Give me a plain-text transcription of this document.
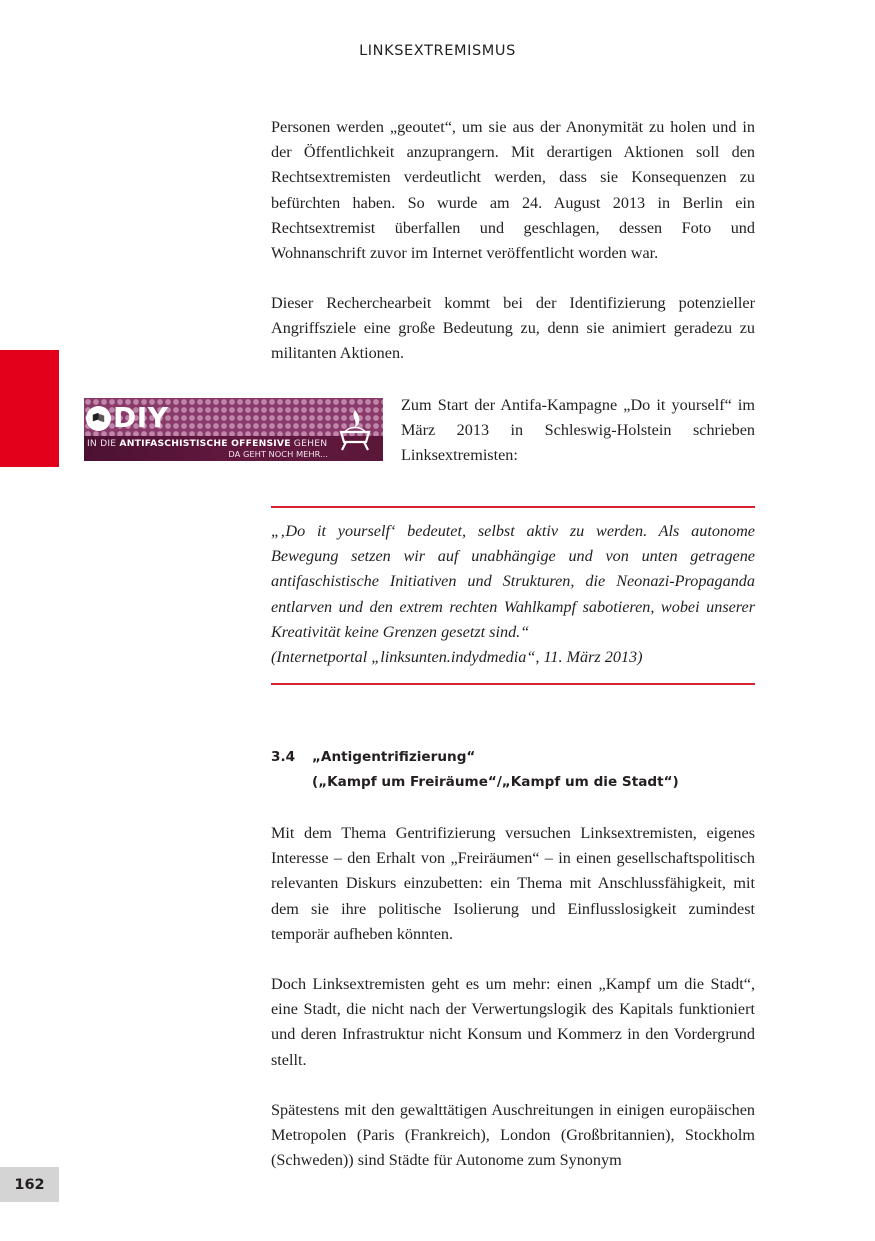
LINKSEXTREMISMUS

Personen werden „geoutet“, um sie aus der Anonymität zu holen und in der Öffentlichkeit anzuprangern. Mit derartigen Aktionen soll den Rechtsextremisten verdeutlicht werden, dass sie Konsequenzen zu befürchten haben. So wurde am 24. August 2013 in Berlin ein Rechtsextremist überfallen und geschlagen, dessen Foto und Wohnanschrift zuvor im Internet veröffentlicht worden war.

Dieser Recherchearbeit kommt bei der Identifizierung potenzieller Angriffsziele eine große Bedeutung zu, denn sie animiert geradezu zu militanten Aktionen.

DIY
IN DIE ANTIFASCHISTISCHE OFFENSIVE GEHEN
DA GEHT NOCH MEHR...

Zum Start der Antifa-Kampagne „Do it yourself“ im März 2013 in Schleswig-Holstein schrieben Linksextremisten:

„‚Do it yourself‘ bedeutet, selbst aktiv zu werden. Als autonome Bewegung setzen wir auf unabhängige und von unten getragene antifaschistische Initiativen und Strukturen, die Neonazi-Propaganda entlarven und den extrem rechten Wahlkampf sabotieren, wobei unserer Kreativität keine Grenzen gesetzt sind.“

(Internetportal „linksunten.indydmedia“, 11. März 2013)

3.4 „Antigentrifizierung“
(„Kampf um Freiräume“/„Kampf um die Stadt“)

Mit dem Thema Gentrifizierung versuchen Linksextremisten, eigenes Interesse – den Erhalt von „Freiräumen“ – in einen gesellschaftspolitisch relevanten Diskurs einzubetten: ein Thema mit Anschlussfähigkeit, mit dem sie ihre politische Isolierung und Einflusslosigkeit zumindest temporär aufheben könnten.

Doch Linksextremisten geht es um mehr: einen „Kampf um die Stadt“, eine Stadt, die nicht nach der Verwertungslogik des Kapitals funktioniert und deren Infrastruktur nicht Konsum und Kommerz in den Vordergrund stellt.

Spätestens mit den gewalttätigen Auschreitungen in einigen europäischen Metropolen (Paris (Frankreich), London (Großbritannien), Stockholm (Schweden)) sind Städte für Autonome zum Synonym

162
